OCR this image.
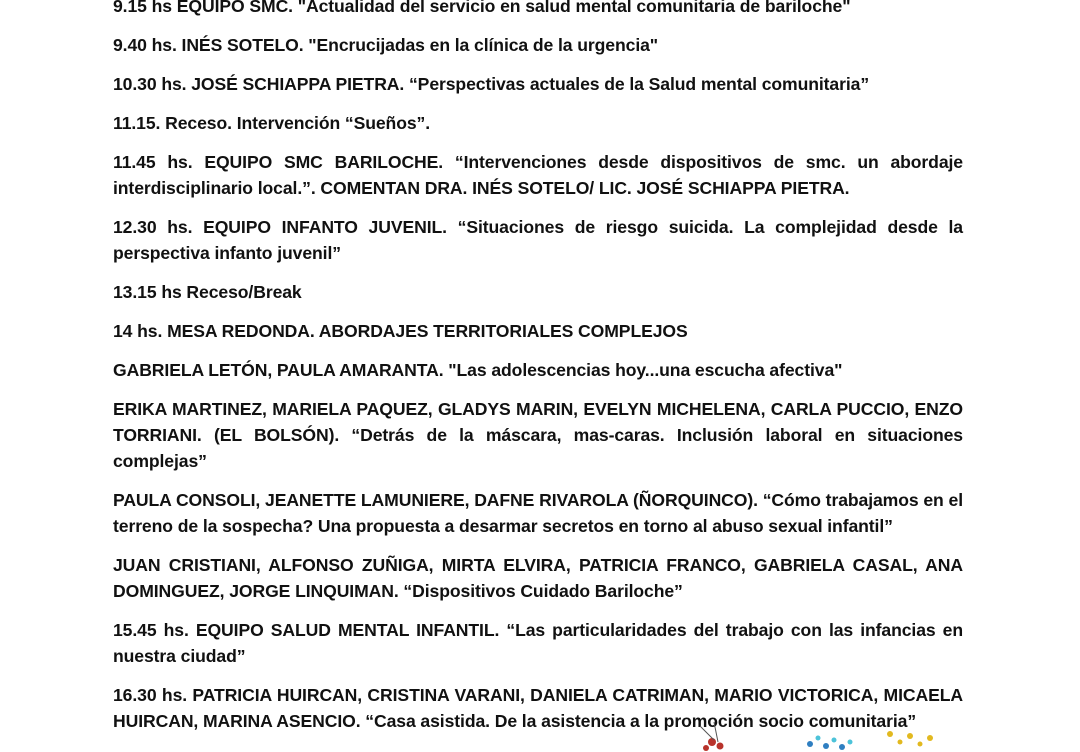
9.15 hs EQUIPO SMC. "Actualidad del servicio en salud mental comunitaria de bariloche"

9.40 hs. INÉS SOTELO. "Encrucijadas en la clínica de la urgencia"

10.30 hs. JOSÉ SCHIAPPA PIETRA. “Perspectivas actuales de la Salud mental comunitaria”

11.15. Receso. Intervención “Sueños”.

11.45 hs. EQUIPO SMC BARILOCHE. “Intervenciones desde dispositivos de smc. un abordaje interdisciplinario local.”. COMENTAN DRA. INÉS SOTELO/ LIC. JOSÉ SCHIAPPA PIETRA.

12.30 hs. EQUIPO INFANTO JUVENIL. “Situaciones de riesgo suicida. La complejidad desde la perspectiva infanto juvenil”

13.15 hs Receso/Break

14 hs. MESA REDONDA. ABORDAJES TERRITORIALES COMPLEJOS

GABRIELA LETÓN, PAULA AMARANTA. "Las adolescencias hoy...una escucha afectiva"

ERIKA MARTINEZ, MARIELA PAQUEZ, GLADYS MARIN, EVELYN MICHELENA, CARLA PUCCIO, ENZO TORRIANI. (EL BOLSÓN). “Detrás de la máscara, mas-caras. Inclusión laboral en situaciones complejas”

PAULA CONSOLI, JEANETTE LAMUNIERE, DAFNE RIVAROLA (ÑORQUINCO). “Cómo trabajamos en el terreno de la sospecha? Una propuesta a desarmar secretos en torno al abuso sexual infantil”

JUAN CRISTIANI, ALFONSO ZUÑIGA, MIRTA ELVIRA, PATRICIA FRANCO, GABRIELA CASAL, ANA DOMINGUEZ, JORGE LINQUIMAN. “Dispositivos Cuidado Bariloche”

15.45 hs. EQUIPO SALUD MENTAL INFANTIL. “Las particularidades del trabajo con las infancias en nuestra ciudad”

16.30 hs. PATRICIA HUIRCAN, CRISTINA VARANI, DANIELA CATRIMAN, MARIO VICTORICA, MICAELA HUIRCAN, MARINA ASENCIO. “Casa asistida. De la asistencia a la promoción socio comunitaria”
